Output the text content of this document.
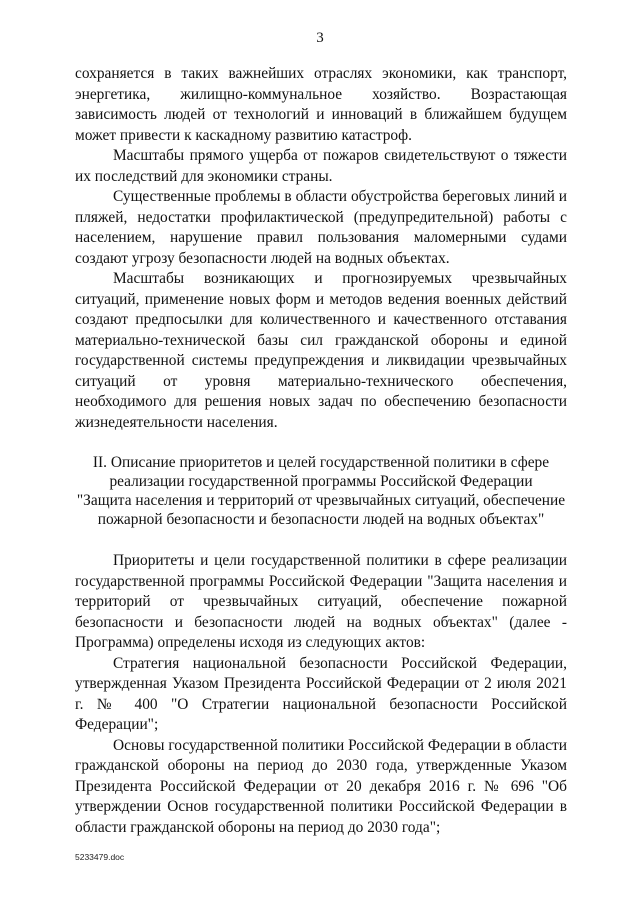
3

сохраняется в таких важнейших отраслях экономики, как транспорт, энергетика, жилищно-коммунальное хозяйство. Возрастающая зависимость людей от технологий и инноваций в ближайшем будущем может привести к каскадному развитию катастроф.

Масштабы прямого ущерба от пожаров свидетельствуют о тяжести их последствий для экономики страны.

Существенные проблемы в области обустройства береговых линий и пляжей, недостатки профилактической (предупредительной) работы с населением, нарушение правил пользования маломерными судами создают угрозу безопасности людей на водных объектах.

Масштабы возникающих и прогнозируемых чрезвычайных ситуаций, применение новых форм и методов ведения военных действий создают предпосылки для количественного и качественного отставания материально-технической базы сил гражданской обороны и единой государственной системы предупреждения и ликвидации чрезвычайных ситуаций от уровня материально-технического обеспечения, необходимого для решения новых задач по обеспечению безопасности жизнедеятельности населения.

II. Описание приоритетов и целей государственной политики в сфере
реализации государственной программы Российской Федерации
"Защита населения и территорий от чрезвычайных ситуаций, обеспечение
пожарной безопасности и безопасности людей на водных объектах"

Приоритеты и цели государственной политики в сфере реализации государственной программы Российской Федерации "Защита населения и территорий от чрезвычайных ситуаций, обеспечение пожарной безопасности и безопасности людей на водных объектах" (далее - Программа) определены исходя из следующих актов:

Стратегия национальной безопасности Российской Федерации, утвержденная Указом Президента Российской Федерации от 2 июля 2021 г. № 400 "О Стратегии национальной безопасности Российской Федерации";

Основы государственной политики Российской Федерации в области гражданской обороны на период до 2030 года, утвержденные Указом Президента Российской Федерации от 20 декабря 2016 г. № 696 "Об утверждении Основ государственной политики Российской Федерации в области гражданской обороны на период до 2030 года";

5233479.doc
